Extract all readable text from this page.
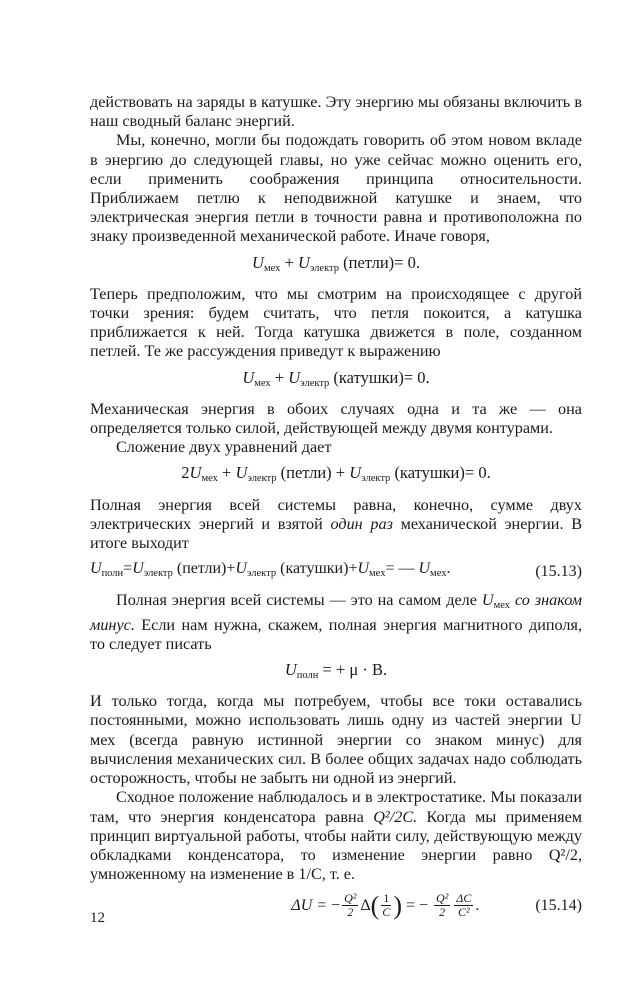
действовать на заряды в катушке. Эту энергию мы обязаны включить в наш сводный баланс энергий.

Мы, конечно, могли бы подождать говорить об этом новом вкладе в энергию до следующей главы, но уже сейчас можно оценить его, если применить соображения принципа относительности. Приближаем петлю к неподвижной катушке и знаем, что электрическая энергия петли в точности равна и противоположна по знаку произведенной механической работе. Иначе говоря,

$U_{мех} + U_{электр}$ (петли)= 0.

Теперь предположим, что мы смотрим на происходящее с другой точки зрения: будем считать, что петля покоится, а катушка приближается к ней. Тогда катушка движется в поле, созданном петлей. Те же рассуждения приведут к выражению

$U_{мех} + U_{электр}$ (катушки)= 0.

Механическая энергия в обоих случаях одна и та же — она определяется только силой, действующей между двумя контурами.

Сложение двух уравнений дает

$2U_{мех} + U_{электр}$ (петли) + $U_{электр}$ (катушки)= 0.

Полная энергия всей системы равна, конечно, сумме двух электрических энергий и взятой один раз механической энергии. В итоге выходит

$U_{полн}=U_{электр}$ $(петли)+U_{электр}$ $(катушки)+U_{мех}=$ — $U_{мех}$.	(15.13)

Полная энергия всей системы — это на самом деле $U_{мех}$ со знаком минус. Если нам нужна, скажем, полная энергия магнитного диполя, то следует писать

$U_{полн}$ = + μ · B.

И только тогда, когда мы потребуем, чтобы все токи оставались постоянными, можно использовать лишь одну из частей энергии U мех (всегда равную истинной энергии со знаком минус) для вычисления механических сил. В более общих задачах надо соблюдать осторожность, чтобы не забыть ни одной из энергий.

Сходное положение наблюдалось и в электростатике. Мы показали там, что энергия конденсатора равна Q²/2C. Когда мы применяем принцип виртуальной работы, чтобы найти силу, действующую между обкладками конденсатора, то изменение энергии равно Q²/2, умноженному на изменение в 1/C, т. е.

ΔU = − $\frac{\text{Q²}}{2}$ Δ ( $\frac{1}{C}$ )
= −
$\frac{\text{Q²}}{2} \frac{\Delta C}{\text{C²}}$ .	(15.14)
12
